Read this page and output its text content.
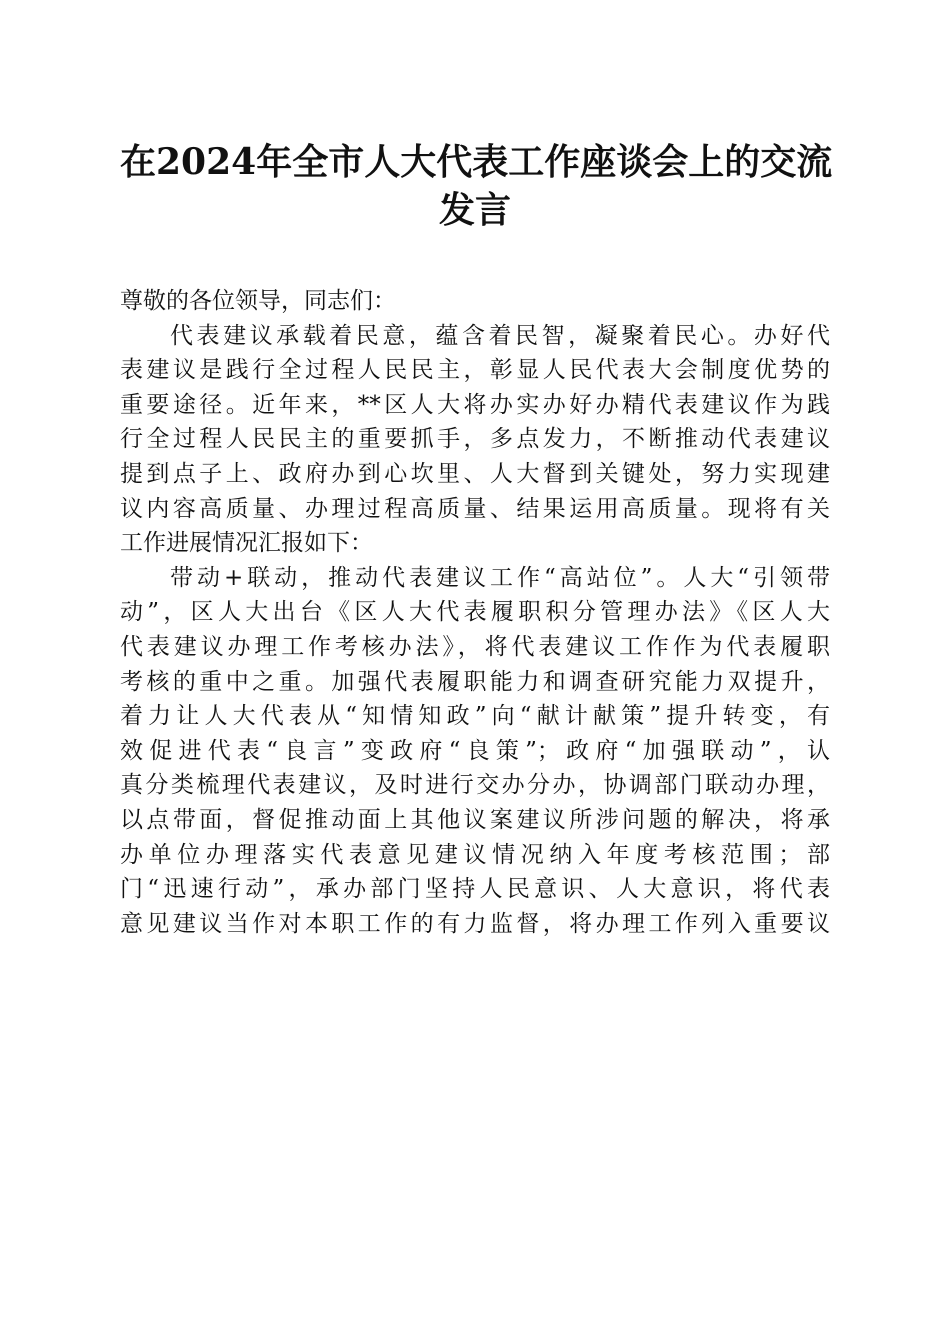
在2024年全市人大代表工作座谈会上的交流
发言
尊敬的各位领导，同志们：
代表建议承载着民意，蕴含着民智，凝聚着民心。办好代
表建议是践行全过程人民民主，彰显人民代表大会制度优势的
重要途径。近年来，**区人大将办实办好办精代表建议作为践
行全过程人民民主的重要抓手，多点发力，不断推动代表建议
提到点子上、政府办到心坎里、人大督到关键处，努力实现建
议内容高质量、办理过程高质量、结果运用高质量。现将有关
工作进展情况汇报如下：
带动+联动，推动代表建议工作“高站位”。人大“引领带
动”，区人大出台《区人大代表履职积分管理办法》《区人大
代表建议办理工作考核办法》，将代表建议工作作为代表履职
考核的重中之重。加强代表履职能力和调查研究能力双提升，
着力让人大代表从“知情知政”向“献计献策”提升转变，有
效促进代表“良言”变政府“良策”；政府“加强联动”，认
真分类梳理代表建议，及时进行交办分办，协调部门联动办理，
以点带面，督促推动面上其他议案建议所涉问题的解决，将承
办单位办理落实代表意见建议情况纳入年度考核范围；部
门“迅速行动”，承办部门坚持人民意识、人大意识，将代表
意见建议当作对本职工作的有力监督，将办理工作列入重要议
